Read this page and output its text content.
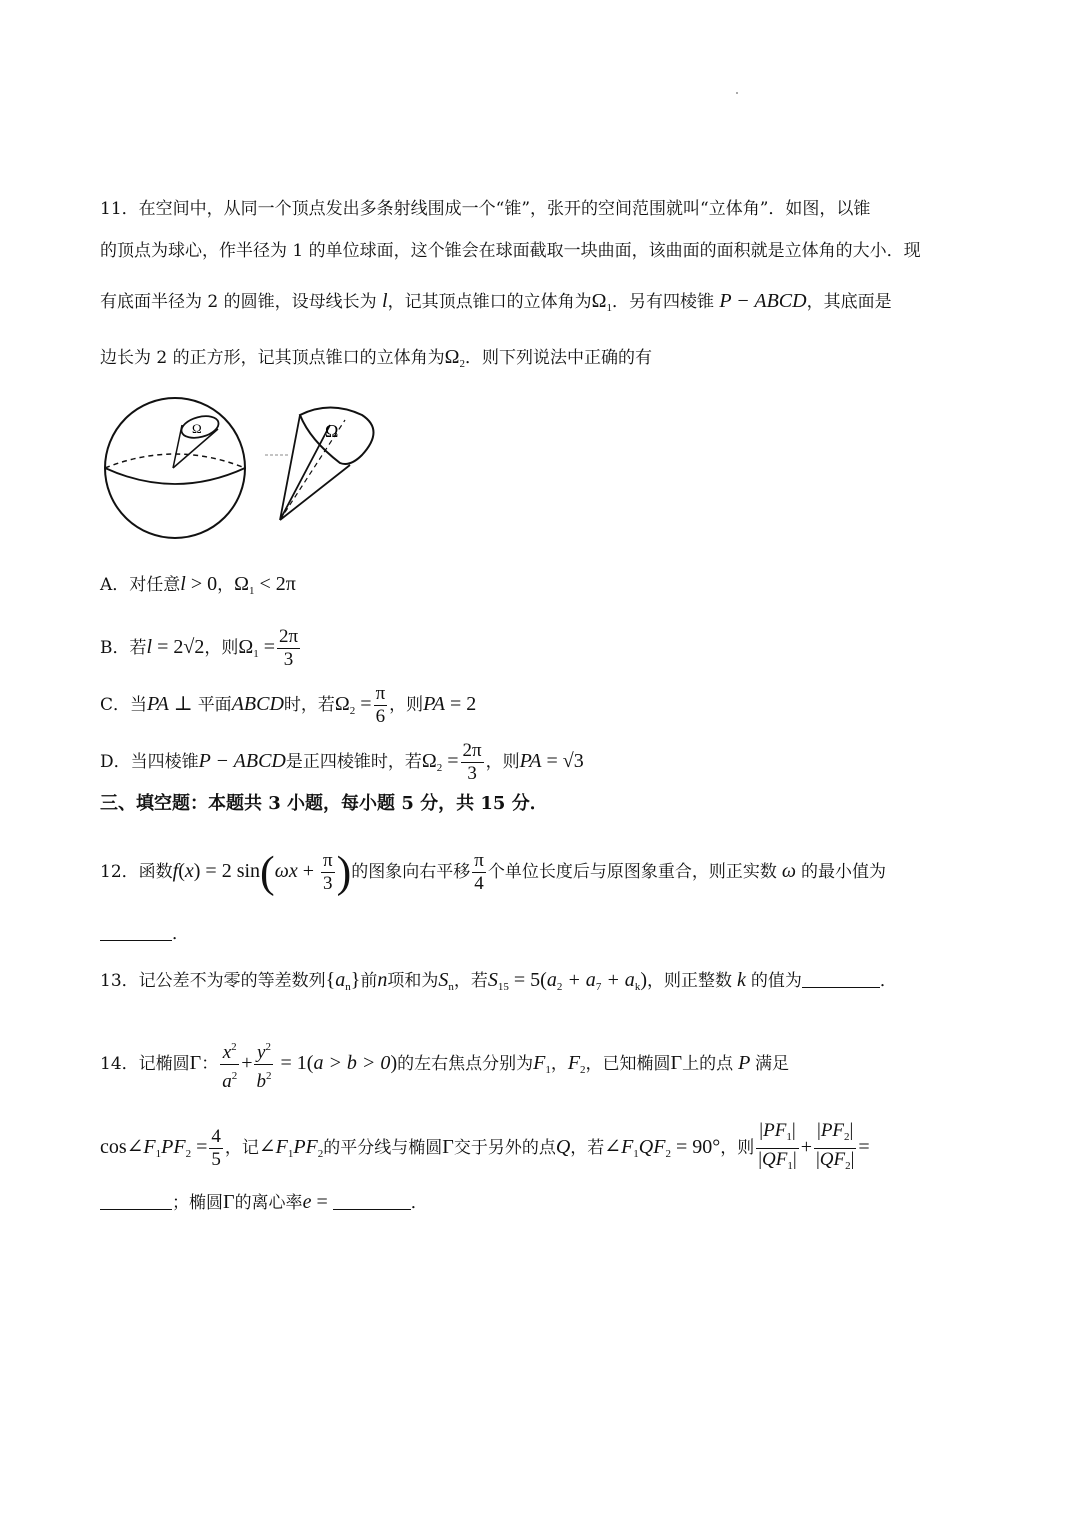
11．在空间中，从同一个顶点发出多条射线围成一个“锥”，张开的空间范围就叫“立体角”．如图，以锥
的顶点为球心，作半径为 1 的单位球面，这个锥会在球面截取一块曲面，该曲面的面积就是立体角的大小．现
有底面半径为 2 的圆锥，设母线长为 l，记其顶点锥口的立体角为$\Omega_1$．另有四棱锥 P − ABCD，其底面是
边长为 2 的正方形，记其顶点锥口的立体角为$\Omega_2$．则下列说法中正确的有
Ω	Ω
A．对任意l > 0，$\Omega_1 < 2\pi$
B．若l = 2√2，则$\Omega_1 = \frac{2\pi}{3}$
C．当PA ⊥ 平面ABCD时，若$\Omega_2 = \frac{\pi}{6}$ ，则PA = 2
D．当四棱锥P − ABCD是正四棱锥时，若$\Omega_2 = \frac{2\pi}{3}$ ，则PA = √3
三、填空题：本题共 3 小题，每小题 5 分，共 15 分．
12．函数f(x) = 2 $\sin(\omega x + \frac{\pi}{3}$ )的图象向右平移 $\frac{\pi}{4}$ 个单位长度后与原图象重合，则正实数 ω 的最小值为
．
13．记公差不为零的等差数列$\{a_n\}$前n项和为$S_n$，若$S_{15} = 5(a_2 + a_7 + a_k)$，则正整数 k 的值为	．
14．记椭圆Γ： $\frac{x^2}{a^2} + \frac{y^2}{b^2} = 1(a > b > 0)$的左右焦点分别为$F_1$，$F_2$，已知椭圆Γ上的点 P 满足
$\cos\angle F_1PF_2 = \frac{4}{5}$ ，记$\angle F_1PF_2$的平分线与椭圆Γ交于另外的点Q，若$\angle F_1QF_2 = 90^\circ$，则 $\frac{|PF_1|}{|QF_1|} + \frac{|PF_2|}{|QF_2|}$ =
；椭圆Γ的离心率e =	．
